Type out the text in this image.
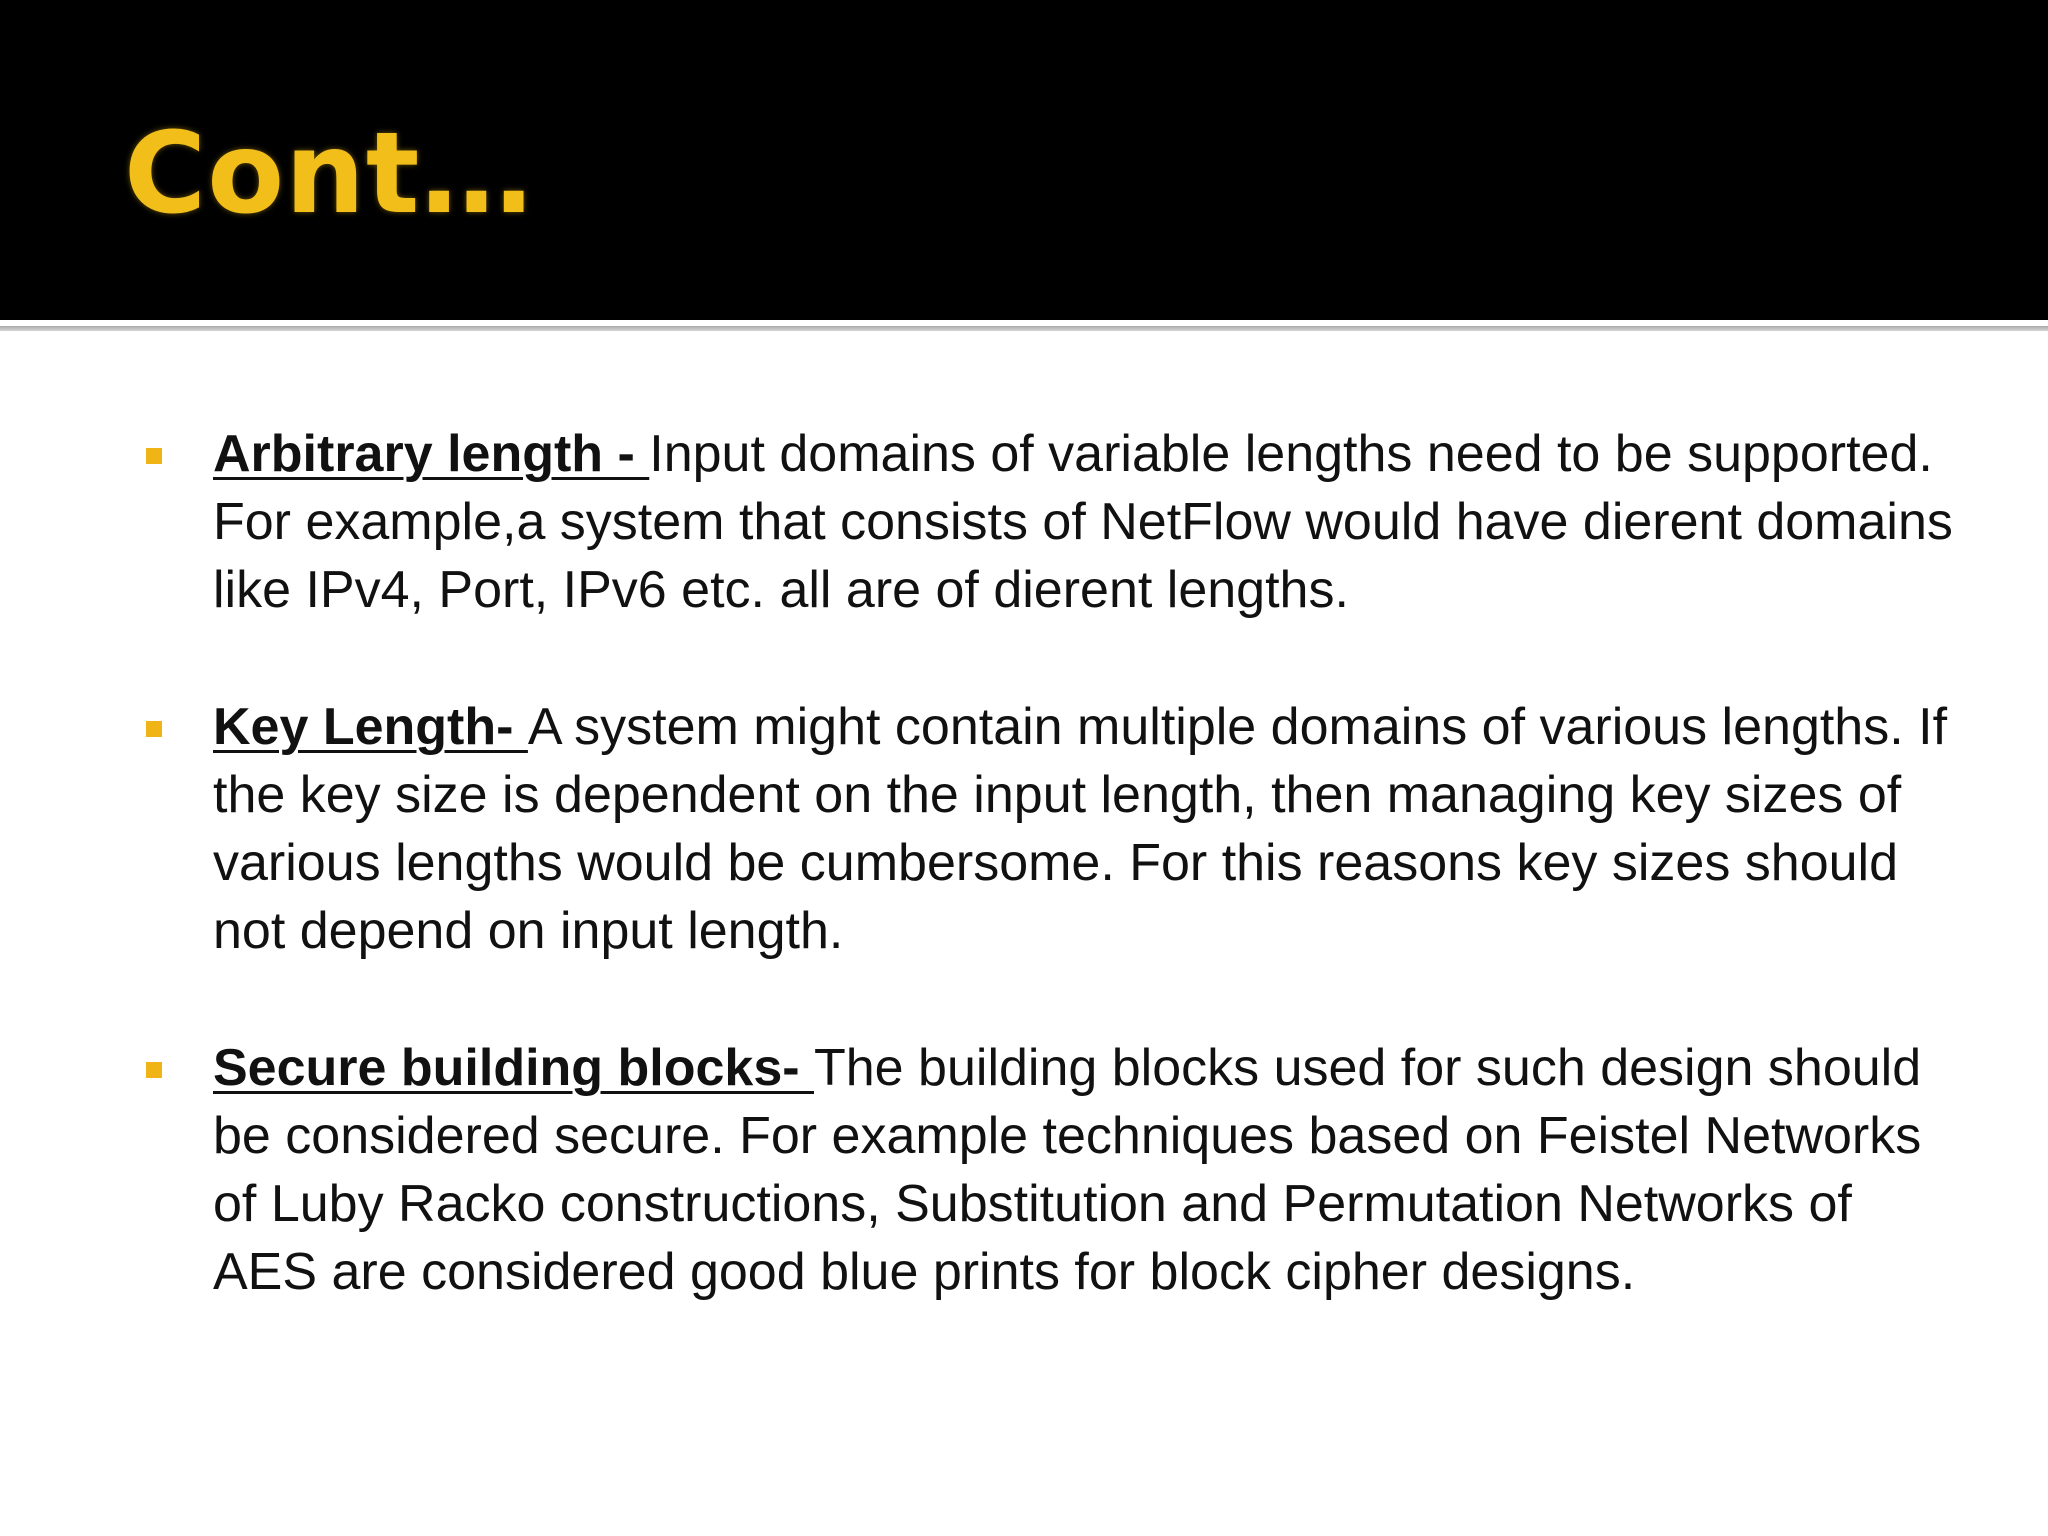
Cont…
Arbitrary length - Input domains of variable lengths need to be supported. For example,a system that consists of NetFlow would have dierent domains like IPv4, Port, IPv6 etc. all are of dierent lengths.
Key Length- A system might contain multiple domains of various lengths. If the key size is dependent on the input length, then managing key sizes of various lengths would be cumbersome. For this reasons key sizes should not depend on input length.
Secure building blocks- The building blocks used for such design should be considered secure. For example techniques based on Feistel Networks of Luby Racko constructions, Substitution and Permutation Networks of AES are considered good blue prints for block cipher designs.
